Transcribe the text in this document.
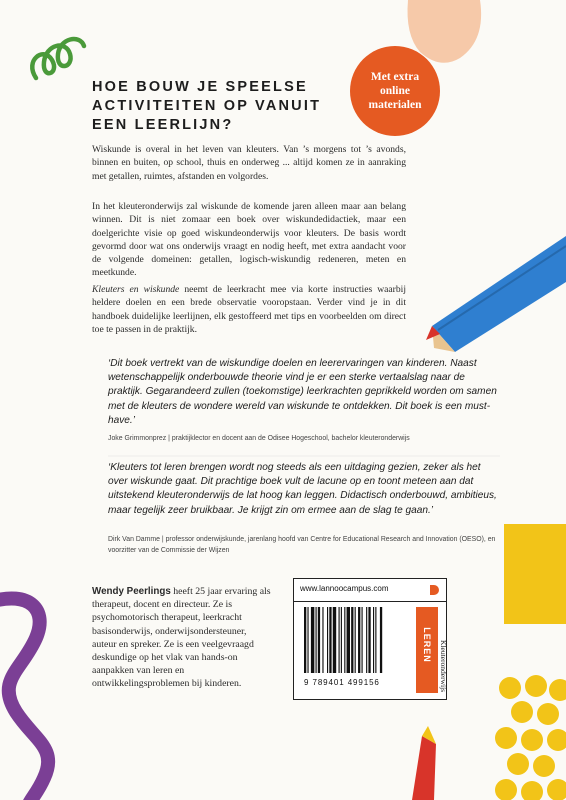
HOE BOUW JE SPEELSE
ACTIVITEITEN OP VANUIT
EEN LEERLIJN?
Met extra
online
materialen

Wiskunde is overal in het leven van kleuters. Van ’s morgens tot ’s avonds, binnen en buiten, op school, thuis en onderweg ... altijd komen ze in aanraking met getallen, ruimtes, afstanden en volgordes.

In het kleuteronderwijs zal wiskunde de komende jaren alleen maar aan belang winnen. Dit is niet zomaar een boek over wiskundedidactiek, maar een doelgerichte visie op goed wiskundeonderwijs voor kleuters. De basis wordt gevormd door wat ons onderwijs vraagt en nodig heeft, met extra aandacht voor de volgende domeinen: getallen, logisch-wiskundig redeneren, meten en meetkunde.

Kleuters en wiskunde neemt de leerkracht mee via korte instructies waarbij heldere doelen en een brede observatie vooropstaan. Verder vind je in dit handboek duidelijke leerlijnen, elk gestoffeerd met tips en voorbeelden om direct toe te passen in de praktijk.

‘Dit boek vertrekt van de wiskundige doelen en leerervaringen van kinderen. Naast wetenschappelijk onderbouwde theorie vind je er een sterke vertaalslag naar de praktijk. Gegarandeerd zullen (toekomstige) leerkrachten geprikkeld worden om samen met de kleuters de wondere wereld van wiskunde te ontdekken. Dit boek is een must-have.’

Joke Grimmonprez | praktijklector en docent aan de Odisee Hogeschool, bachelor kleuteronderwijs

‘Kleuters tot leren brengen wordt nog steeds als een uitdaging gezien, zeker als het over wiskunde gaat. Dit prachtige boek vult de lacune op en toont meteen aan dat uitstekend kleuteronderwijs de lat hoog kan leggen. Didactisch onderbouwd, ambitieus, maar tegelijk zeer bruikbaar. Je krijgt zin om ermee aan de slag te gaan.’

Dirk Van Damme | professor onderwijskunde, jarenlang hoofd van Centre for Educational Research and Innovation (OESO), en voorzitter van de Commissie der Wijzen

Wendy Peerlings heeft 25 jaar ervaring als therapeut, docent en directeur. Ze is psychomotorisch therapeut, leerkracht basisonderwijs, onderwijsondersteuner, auteur en spreker. Ze is een veelgevraagd deskundige op het vlak van hands-on aanpakken van leren en ontwikkelingsproblemen bij kinderen.

www.lannoocampus.com
9 789401 499156
LEREN Kleuteronderwijs
